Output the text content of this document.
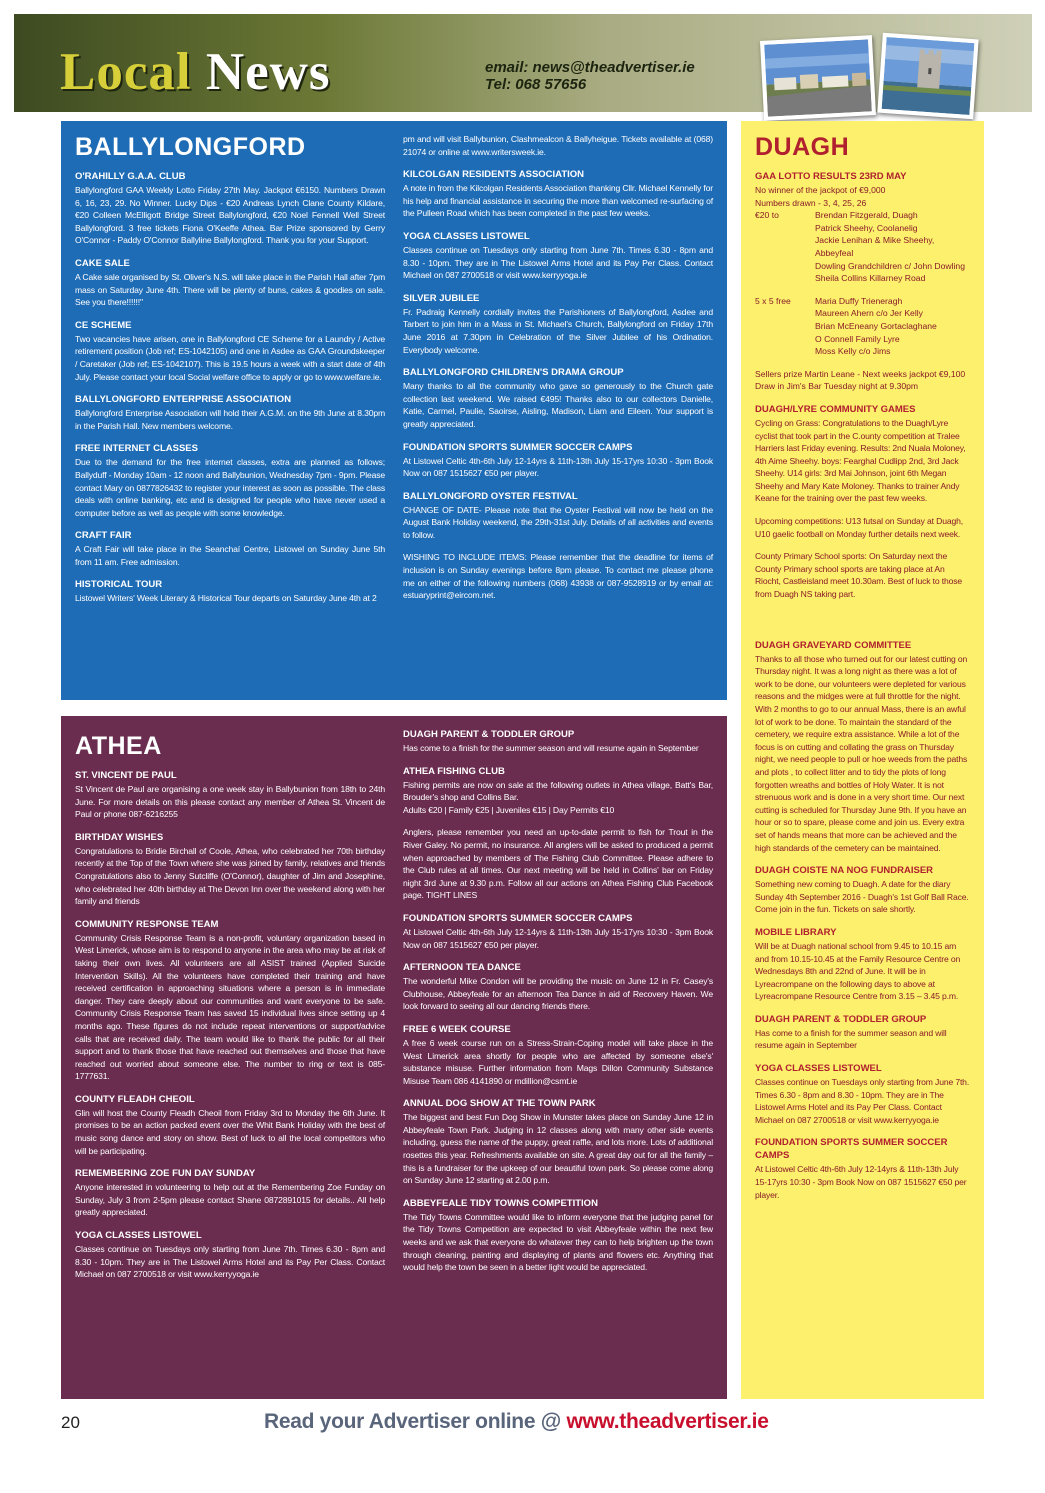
Local News	email: news@theadvertiser.ie
Tel: 068 57656
BALLYLONGFORD
O'RAHILLY G.A.A. CLUB

Ballylongford GAA Weekly Lotto Friday 27th May. Jackpot €6150. Numbers Drawn 6, 16, 23, 29. No Winner. Lucky Dips - €20 Andreas Lynch Clane County Kildare, €20 Colleen McElligott Bridge Street Ballylongford, €20 Noel Fennell Well Street Ballylongford. 3 free tickets Fiona O'Keeffe Athea. Bar Prize sponsored by Gerry O'Connor - Paddy O'Connor Ballyline Ballylongford. Thank you for your Support.

CAKE SALE

A Cake sale organised by St. Oliver's N.S. will take place in the Parish Hall after 7pm mass on Saturday June 4th. There will be plenty of buns, cakes & goodies on sale. See you there!!!!!!"

CE SCHEME

Two vacancies have arisen, one in Ballylongford CE Scheme for a Laundry / Active retirement position (Job ref; ES-1042105) and one in Asdee as GAA Groundskeeper / Caretaker (Job ref; ES-1042107). This is 19.5 hours a week with a start date of 4th July. Please contact your local Social welfare office to apply or go to www.welfare.ie.

BALLYLONGFORD ENTERPRISE ASSOCIATION

Ballylongford Enterprise Association will hold their A.G.M. on the 9th June at 8.30pm in the Parish Hall. New members welcome.

FREE INTERNET CLASSES

Due to the demand for the free internet classes, extra are planned as follows; Ballyduff - Monday 10am - 12 noon and Ballybunion, Wednesday 7pm - 9pm. Please contact Mary on 0877826432 to register your interest as soon as possible. The class deals with online banking, etc and is designed for people who have never used a computer before as well as people with some knowledge.

CRAFT FAIR

A Craft Fair will take place in the Seanchaí Centre, Listowel on Sunday June 5th from 11 am. Free admission.

HISTORICAL TOUR

Listowel Writers' Week Literary & Historical Tour departs on Saturday June 4th at 2

pm and will visit Ballybunion, Clashmealcon & Ballyheigue. Tickets available at (068) 21074 or online at www.writersweek.ie.

KILCOLGAN RESIDENTS ASSOCIATION

A note in from the Kilcolgan Residents Association thanking Cllr. Michael Kennelly for his help and financial assistance in securing the more than welcomed re-surfacing of the Pulleen Road which has been completed in the past few weeks.

YOGA CLASSES LISTOWEL

Classes continue on Tuesdays only starting from June 7th. Times 6.30 - 8pm and 8.30 - 10pm. They are in The Listowel Arms Hotel and its Pay Per Class. Contact Michael on 087 2700518 or visit www.kerryyoga.ie

SILVER JUBILEE

Fr. Padraig Kennelly cordially invites the Parishioners of Ballylongford, Asdee and Tarbert to join him in a Mass in St. Michael's Church, Ballylongford on Friday 17th June 2016 at 7.30pm in Celebration of the Silver Jubilee of his Ordination. Everybody welcome.

BALLYLONGFORD CHILDREN'S DRAMA GROUP

Many thanks to all the community who gave so generously to the Church gate collection last weekend. We raised €495! Thanks also to our collectors Danielle, Katie, Carmel, Paulie, Saoirse, Aisling, Madison, Liam and Eileen. Your support is greatly appreciated.

FOUNDATION SPORTS SUMMER SOCCER CAMPS

At Listowel Celtic 4th-6th July 12-14yrs & 11th-13th July 15-17yrs 10:30 - 3pm Book Now on 087 1515627 €50 per player.

BALLYLONGFORD OYSTER FESTIVAL

CHANGE OF DATE- Please note that the Oyster Festival will now be held on the August Bank Holiday weekend, the 29th-31st July. Details of all activities and events to follow.

WISHING TO INCLUDE ITEMS: Please remember that the deadline for items of inclusion is on Sunday evenings before 8pm please. To contact me please phone me on either of the following numbers (068) 43938 or 087-9528919 or by email at: estuaryprint@eircom.net.

ATHEA
ST. VINCENT DE PAUL

St Vincent de Paul are organising a one week stay in Ballybunion from 18th to 24th June. For more details on this please contact any member of Athea St. Vincent de Paul or phone 087-6216255

BIRTHDAY WISHES

Congratulations to Bridie Birchall of Coole, Athea, who celebrated her 70th birthday recently at the Top of the Town where she was joined by family, relatives and friends Congratulations also to Jenny Sutcliffe (O'Connor), daughter of Jim and Josephine, who celebrated her 40th birthday at The Devon Inn over the weekend along with her family and friends

COMMUNITY RESPONSE TEAM

Community Crisis Response Team is a non-profit, voluntary organization based in West Limerick, whose aim is to respond to anyone in the area who may be at risk of taking their own lives. All volunteers are all ASIST trained (Applied Suicide Intervention Skills). All the volunteers have completed their training and have received certification in approaching situations where a person is in immediate danger. They care deeply about our communities and want everyone to be safe. Community Crisis Response Team has saved 15 individual lives since setting up 4 months ago. These figures do not include repeat interventions or support/advice calls that are received daily. The team would like to thank the public for all their support and to thank those that have reached out themselves and those that have reached out worried about someone else. The number to ring or text is 085-1777631.

COUNTY FLEADH CHEOIL

Glin will host the County Fleadh Cheoil from Friday 3rd to Monday the 6th June. It promises to be an action packed event over the Whit Bank Holiday with the best of music song dance and story on show. Best of luck to all the local competitors who will be participating.

REMEMBERING ZOE FUN DAY SUNDAY

Anyone interested in volunteering to help out at the Remembering Zoe Funday on Sunday, July 3 from 2-5pm please contact Shane 0872891015 for details.. All help greatly appreciated.

YOGA CLASSES LISTOWEL

Classes continue on Tuesdays only starting from June 7th. Times 6.30 - 8pm and 8.30 - 10pm. They are in The Listowel Arms Hotel and its Pay Per Class. Contact Michael on 087 2700518 or visit www.kerryyoga.ie

DUAGH PARENT & TODDLER GROUP

Has come to a finish for the summer season and will resume again in September

ATHEA FISHING CLUB

Fishing permits are now on sale at the following outlets in Athea village, Batt's Bar, Brouder's shop and Collins Bar.

Adults €20 | Family €25 | Juveniles €15 | Day Permits €10

Anglers, please remember you need an up-to-date permit to fish for Trout in the River Galey. No permit, no insurance. All anglers will be asked to produced a permit when approached by members of The Fishing Club Committee. Please adhere to the Club rules at all times. Our next meeting will be held in Collins' bar on Friday night 3rd June at 9.30 p.m. Follow all our actions on Athea Fishing Club Facebook page. TIGHT LINES

FOUNDATION SPORTS SUMMER SOCCER CAMPS

At Listowel Celtic 4th-6th July 12-14yrs & 11th-13th July 15-17yrs 10:30 - 3pm Book Now on 087 1515627 €50 per player.

AFTERNOON TEA DANCE

The wonderful Mike Condon will be providing the music on June 12 in Fr. Casey's Clubhouse, Abbeyfeale for an afternoon Tea Dance in aid of Recovery Haven. We look forward to seeing all our dancing friends there.

FREE 6 WEEK COURSE

A free 6 week course run on a Stress-Strain-Coping model will take place in the West Limerick area shortly for people who are affected by someone else's' substance misuse. Further information from Mags Dillon Community Substance Misuse Team 086 4141890 or mdillion@csmt.ie

ANNUAL DOG SHOW AT THE TOWN PARK

The biggest and best Fun Dog Show in Munster takes place on Sunday June 12 in Abbeyfeale Town Park. Judging in 12 classes along with many other side events including, guess the name of the puppy, great raffle, and lots more. Lots of additional rosettes this year. Refreshments available on site. A great day out for all the family – this is a fundraiser for the upkeep of our beautiful town park. So please come along on Sunday June 12 starting at 2.00 p.m.

ABBEYFEALE TIDY TOWNS COMPETITION

The Tidy Towns Committee would like to inform everyone that the judging panel for the Tidy Towns Competition are expected to visit Abbeyfeale within the next few weeks and we ask that everyone do whatever they can to help brighten up the town through cleaning, painting and displaying of plants and flowers etc. Anything that would help the town be seen in a better light would be appreciated.

DUAGH
GAA LOTTO RESULTS 23RD MAY
No winner of the jackpot of €9,000
Numbers drawn - 3, 4, 25, 26
€20 to	Brendan Fitzgerald, Duagh
Patrick Sheehy, Coolanelig
Jackie Lenihan & Mike Sheehy, Abbeyfeal
Dowling Grandchildren c/ John Dowling
Sheila Collins Killarney Road
5 x 5 free	Maria Duffy Trieneragh
Maureen Ahern c/o Jer Kelly
Brian McEneany Gortaclaghane
O Connell Family Lyre
Moss Kelly c/o Jims
Sellers prize Martin Leane - Next weeks jackpot €9,100 Draw in Jim's Bar Tuesday night at 9.30pm
DUAGH/LYRE COMMUNITY GAMES

Cycling on Grass: Congratulations to the Duagh/Lyre cyclist that took part in the C.ounty competition at Tralee Harriers last Friday evening. Results: 2nd Nuala Moloney, 4th Aime Sheehy. boys: Fearghal Cudlipp 2nd, 3rd Jack Sheehy. U14 girls: 3rd Mai Johnson, joint 6th Megan Sheehy and Mary Kate Moloney. Thanks to trainer Andy Keane for the training over the past few weeks.

Upcoming competitions: U13 futsal on Sunday at Duagh, U10 gaelic football on Monday further details next week.

County Primary School sports: On Saturday next the County Primary school sports are taking place at An Riocht, Castleisland meet 10.30am. Best of luck to those from Duagh NS taking part.

DUAGH GRAVEYARD COMMITTEE

Thanks to all those who turned out for our latest cutting on Thursday night. It was a long night as there was a lot of work to be done, our volunteers were depleted for various reasons and the midges were at full throttle for the night. With 2 months to go to our annual Mass, there is an awful lot of work to be done. To maintain the standard of the cemetery, we require extra assistance. While a lot of the focus is on cutting and collating the grass on Thursday night, we need people to pull or hoe weeds from the paths and plots , to collect litter and to tidy the plots of long forgotten wreaths and bottles of Holy Water. It is not strenuous work and is done in a very short time. Our next cutting is scheduled for Thursday June 9th. If you have an hour or so to spare, please come and join us. Every extra set of hands means that more can be achieved and the high standards of the cemetery can be maintained.

DUAGH COISTE NA NOG FUNDRAISER

Something new coming to Duagh. A date for the diary Sunday 4th September 2016 - Duagh's 1st Golf Ball Race. Come join in the fun. Tickets on sale shortly.

MOBILE LIBRARY

Will be at Duagh national school from 9.45 to 10.15 am and from 10.15-10.45 at the Family Resource Centre on Wednesdays 8th and 22nd of June. It will be in Lyreacrompane on the following days to above at Lyreacrompane Resource Centre from 3.15 – 3.45 p.m.

DUAGH PARENT & TODDLER GROUP

Has come to a finish for the summer season and will resume again in September

YOGA CLASSES LISTOWEL

Classes continue on Tuesdays only starting from June 7th. Times 6.30 - 8pm and 8.30 - 10pm. They are in The Listowel Arms Hotel and its Pay Per Class. Contact Michael on 087 2700518 or visit www.kerryyoga.ie

FOUNDATION SPORTS SUMMER SOCCER CAMPS

At Listowel Celtic 4th-6th July 12-14yrs & 11th-13th July 15-17yrs 10:30 - 3pm Book Now on 087 1515627 €50 per player.

20	Read your Advertiser online @ www.theadvertiser.ie
